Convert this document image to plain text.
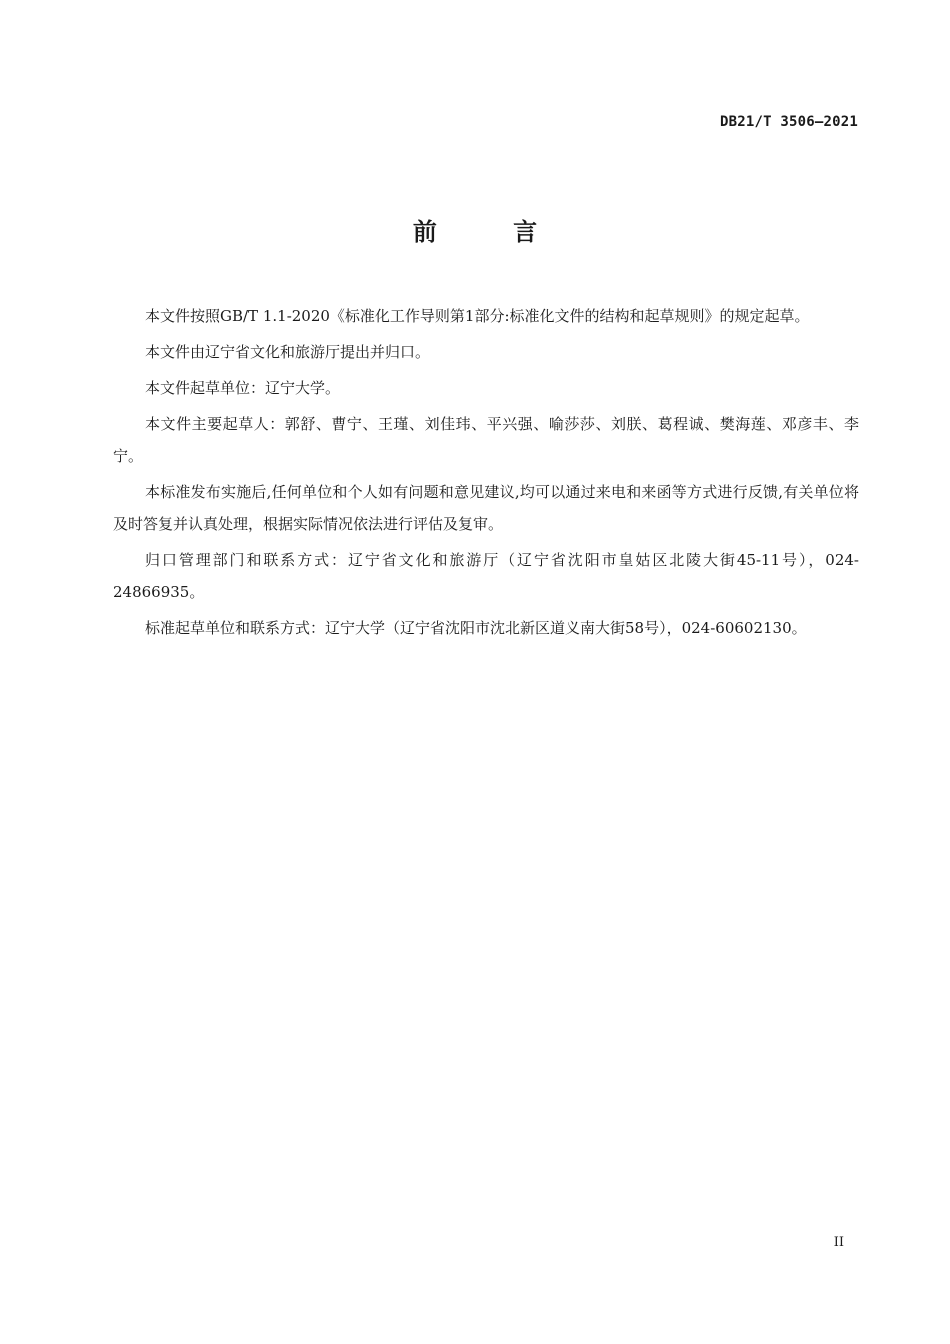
DB21/T 3506—2021

前 言

本文件按照GB/T 1.1-2020《标准化工作导则第1部分:标准化文件的结构和起草规则》的规定起草。

本文件由辽宁省文化和旅游厅提出并归口。

本文件起草单位：辽宁大学。

本文件主要起草人：郭舒、曹宁、王瑾、刘佳玮、平兴强、喻莎莎、刘朕、葛程诚、樊海莲、邓彦丰、李宁。

本标准发布实施后,任何单位和个人如有问题和意见建议,均可以通过来电和来函等方式进行反馈,有关单位将及时答复并认真处理，根据实际情况依法进行评估及复审。

归口管理部门和联系方式：辽宁省文化和旅游厅（辽宁省沈阳市皇姑区北陵大街45-11号），024-24866935。

标准起草单位和联系方式：辽宁大学（辽宁省沈阳市沈北新区道义南大街58号），024-60602130。

II
